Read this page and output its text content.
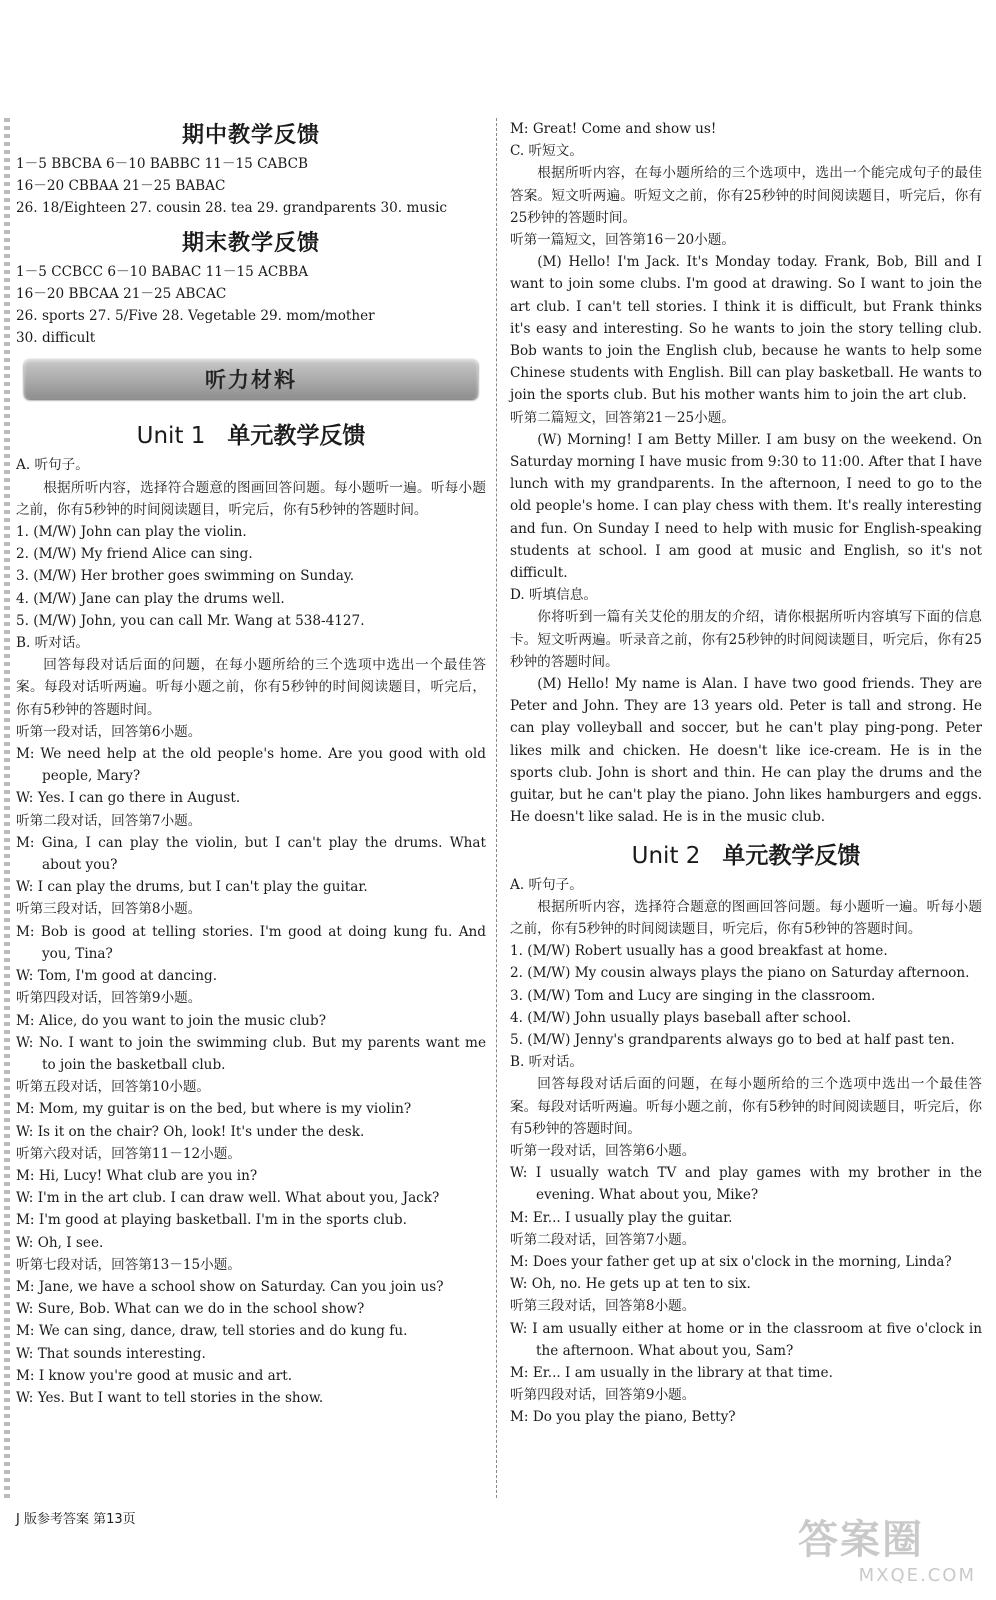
期中教学反馈
1－5 BBCBA 6－10 BABBC 11－15 CABCB
16－20 CBBAA 21－25 BABAC
26. 18/Eighteen 27. cousin 28. tea 29. grandparents 30. music
期末教学反馈
1－5 CCBCC 6－10 BABAC 11－15 ACBBA
16－20 BBCAA 21－25 ABCAC
26. sports 27. 5/Five 28. Vegetable 29. mom/mother
30. difficult
听力材料
Unit 1 单元教学反馈
A. 听句子。
根据所听内容，选择符合题意的图画回答问题。每小题听一遍。听每小题之前，你有5秒钟的时间阅读题目，听完后，你有5秒钟的答题时间。
1. (M/W) John can play the violin.
2. (M/W) My friend Alice can sing.
3. (M/W) Her brother goes swimming on Sunday.
4. (M/W) Jane can play the drums well.
5. (M/W) John, you can call Mr. Wang at 538-4127.
B. 听对话。
回答每段对话后面的问题，在每小题所给的三个选项中选出一个最佳答案。每段对话听两遍。听每小题之前，你有5秒钟的时间阅读题目，听完后，你有5秒钟的答题时间。
听第一段对话，回答第6小题。
M: We need help at the old people's home. Are you good with old people, Mary?
W: Yes. I can go there in August.
听第二段对话，回答第7小题。
M: Gina, I can play the violin, but I can't play the drums. What about you?
W: I can play the drums, but I can't play the guitar.
听第三段对话，回答第8小题。
M: Bob is good at telling stories. I'm good at doing kung fu. And you, Tina?
W: Tom, I'm good at dancing.
听第四段对话，回答第9小题。
M: Alice, do you want to join the music club?
W: No. I want to join the swimming club. But my parents want me to join the basketball club.
听第五段对话，回答第10小题。
M: Mom, my guitar is on the bed, but where is my violin?
W: Is it on the chair? Oh, look! It's under the desk.
听第六段对话，回答第11－12小题。
M: Hi, Lucy! What club are you in?
W: I'm in the art club. I can draw well. What about you, Jack?
M: I'm good at playing basketball. I'm in the sports club.
W: Oh, I see.
听第七段对话，回答第13－15小题。
M: Jane, we have a school show on Saturday. Can you join us?
W: Sure, Bob. What can we do in the school show?
M: We can sing, dance, draw, tell stories and do kung fu.
W: That sounds interesting.
M: I know you're good at music and art.
W: Yes. But I want to tell stories in the show.
M: Great! Come and show us!
C. 听短文。
根据所听内容，在每小题所给的三个选项中，选出一个能完成句子的最佳答案。短文听两遍。听短文之前，你有25秒钟的时间阅读题目，听完后，你有25秒钟的答题时间。
听第一篇短文，回答第16－20小题。
(M) Hello! I'm Jack. It's Monday today. Frank, Bob, Bill and I want to join some clubs. I'm good at drawing. So I want to join the art club. I can't tell stories. I think it is difficult, but Frank thinks it's easy and interesting. So he wants to join the story telling club. Bob wants to join the English club, because he wants to help some Chinese students with English. Bill can play basketball. He wants to join the sports club. But his mother wants him to join the art club.
听第二篇短文，回答第21－25小题。
(W) Morning! I am Betty Miller. I am busy on the weekend. On Saturday morning I have music from 9:30 to 11:00. After that I have lunch with my grandparents. In the afternoon, I need to go to the old people's home. I can play chess with them. It's really interesting and fun. On Sunday I need to help with music for English-speaking students at school. I am good at music and English, so it's not difficult.
D. 听填信息。
你将听到一篇有关艾伦的朋友的介绍，请你根据所听内容填写下面的信息卡。短文听两遍。听录音之前，你有25秒钟的时间阅读题目，听完后，你有25秒钟的答题时间。
(M) Hello! My name is Alan. I have two good friends. They are Peter and John. They are 13 years old. Peter is tall and strong. He can play volleyball and soccer, but he can't play ping-pong. Peter likes milk and chicken. He doesn't like ice-cream. He is in the sports club. John is short and thin. He can play the drums and the guitar, but he can't play the piano. John likes hamburgers and eggs. He doesn't like salad. He is in the music club.
Unit 2 单元教学反馈
A. 听句子。
根据所听内容，选择符合题意的图画回答问题。每小题听一遍。听每小题之前，你有5秒钟的时间阅读题目，听完后，你有5秒钟的答题时间。
1. (M/W) Robert usually has a good breakfast at home.
2. (M/W) My cousin always plays the piano on Saturday afternoon.
3. (M/W) Tom and Lucy are singing in the classroom.
4. (M/W) John usually plays baseball after school.
5. (M/W) Jenny's grandparents always go to bed at half past ten.
B. 听对话。
回答每段对话后面的问题，在每小题所给的三个选项中选出一个最佳答案。每段对话听两遍。听每小题之前，你有5秒钟的时间阅读题目，听完后，你有5秒钟的答题时间。
听第一段对话，回答第6小题。
W: I usually watch TV and play games with my brother in the evening. What about you, Mike?
M: Er... I usually play the guitar.
听第二段对话，回答第7小题。
M: Does your father get up at six o'clock in the morning, Linda?
W: Oh, no. He gets up at ten to six.
听第三段对话，回答第8小题。
W: I am usually either at home or in the classroom at five o'clock in the afternoon. What about you, Sam?
M: Er... I am usually in the library at that time.
听第四段对话，回答第9小题。
M: Do you play the piano, Betty?
J 版参考答案 第13页	答案圈
MXQE.COM
